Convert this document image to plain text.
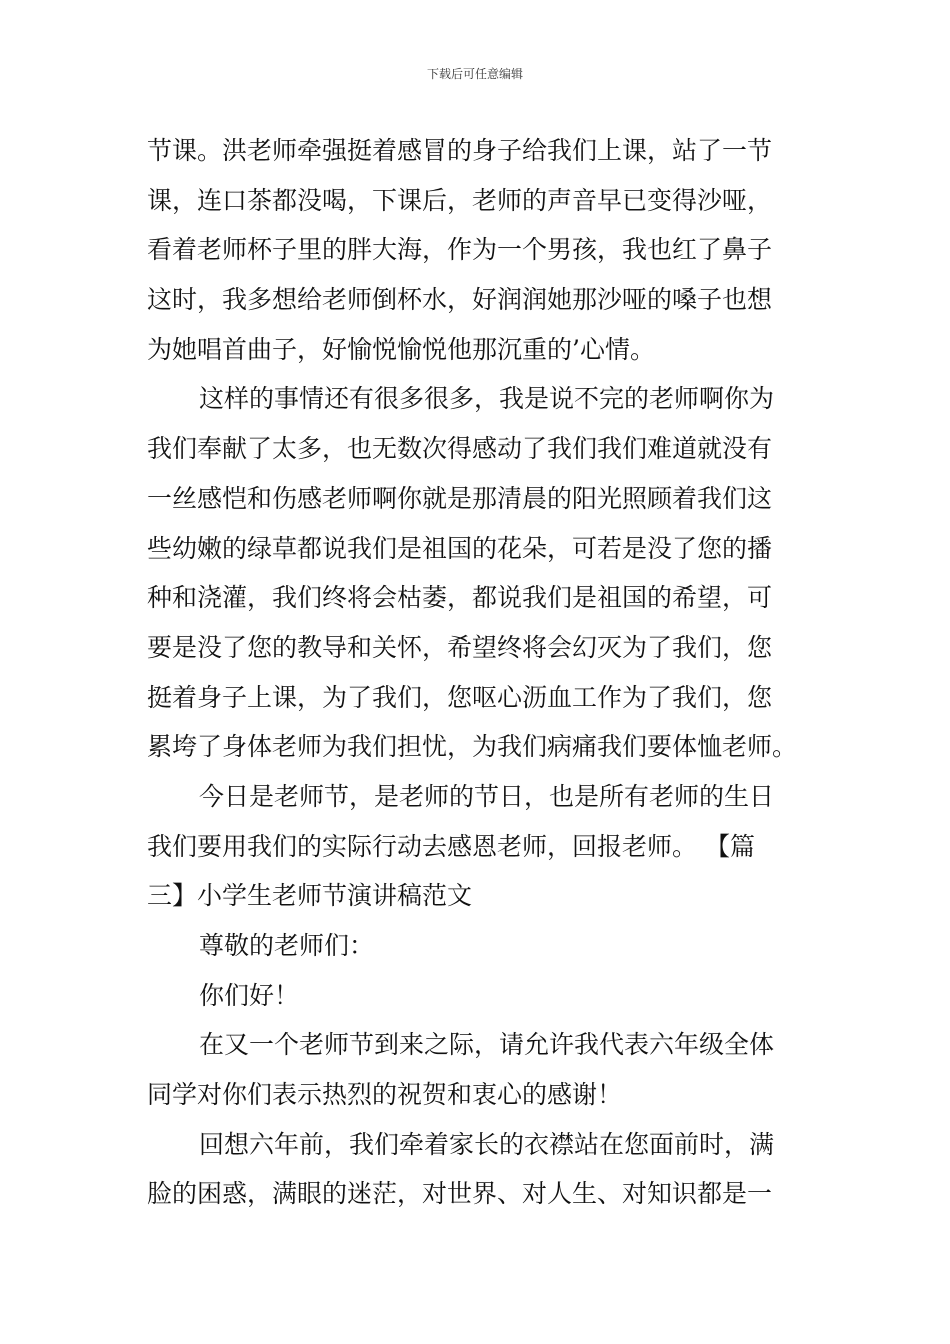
下载后可任意编辑
节课。洪老师牵强挺着感冒的身子给我们上课，站了一节
课，连口茶都没喝，下课后，老师的声音早已变得沙哑，
看着老师杯子里的胖大海，作为一个男孩，我也红了鼻子
这时，我多想给老师倒杯水，好润润她那沙哑的嗓子也想
为她唱首曲子，好愉悦愉悦他那沉重的’心情。
这样的事情还有很多很多，我是说不完的老师啊你为
我们奉献了太多，也无数次得感动了我们我们难道就没有
一丝感恺和伤感老师啊你就是那清晨的阳光照顾着我们这
些幼嫩的绿草都说我们是祖国的花朵，可若是没了您的播
种和浇灌，我们终将会枯萎，都说我们是祖国的希望，可
要是没了您的教导和关怀，希望终将会幻灭为了我们，您
挺着身子上课，为了我们，您呕心沥血工作为了我们，您
累垮了身体老师为我们担忧，为我们病痛我们要体恤老师。
今日是老师节，是老师的节日，也是所有老师的生日
我们要用我们的实际行动去感恩老师，回报老师。 【篇
三】小学生老师节演讲稿范文
尊敬的老师们：
你们好！
在又一个老师节到来之际，请允许我代表六年级全体
同学对你们表示热烈的祝贺和衷心的感谢！
回想六年前，我们牵着家长的衣襟站在您面前时，满
脸的困惑，满眼的迷茫，对世界、对人生、对知识都是一
